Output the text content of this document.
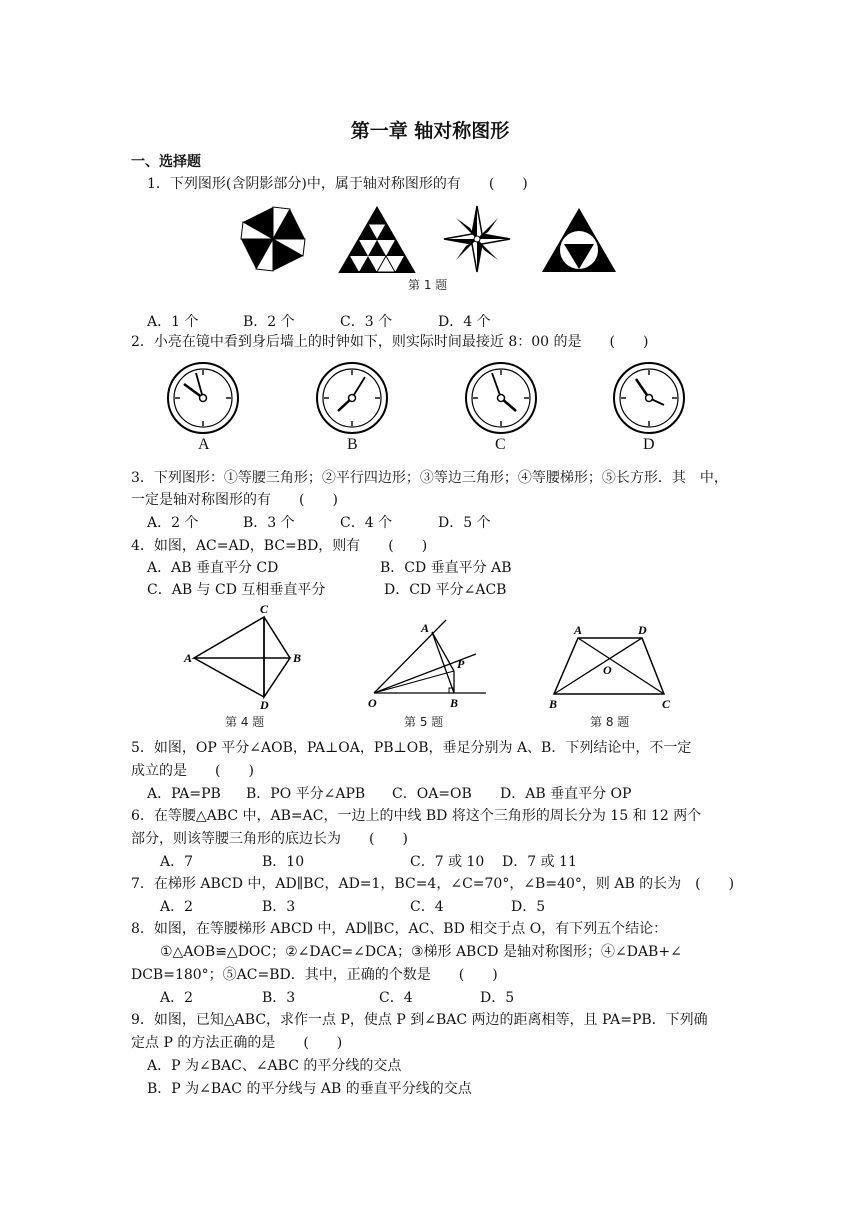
第一章 轴对称图形
一、选择题
1．下列图形(含阴影部分)中，属于轴对称图形的有　　(　　)
第 1 题
A．1 个	B．2 个	C．3 个	D．4 个
2．小亮在镜中看到身后墙上的时钟如下，则实际时间最接近 8：00 的是　　(　　)
A	B	C	D
3．下列图形：①等腰三角形；②平行四边形；③等边三角形；④等腰梯形；⑤长方形．其　中，
一定是轴对称图形的有　　(　　)
A．2 个	B．3 个	C．4 个	D．5 个
4．如图，AC=AD，BC=BD，则有　　(　　)
A．AB 垂直平分 CD	B．CD 垂直平分 AB
C．AB 与 CD 互相垂直平分	D．CD 平分∠ACB
C
A	B
D
A
P
O	B
A	D
O
B	C
第 4 题	第 5 题	第 8 题
5．如图，OP 平分∠AOB，PA⊥OA，PB⊥OB，垂足分别为 A、B．下列结论中，不一定
成立的是　　(　　)
A．PA=PB B．PO 平分∠APB C．OA=OB D．AB 垂直平分 OP
6．在等腰△ABC 中，AB=AC，一边上的中线 BD 将这个三角形的周长分为 15 和 12 两个
部分，则该等腰三角形的底边长为　　(　　)
A．7	B．10	C．7 或 10 D．7 或 11
7．在梯形 ABCD 中，AD∥BC，AD=1，BC=4，∠C=70°，∠B=40°，则 AB 的长为　(　　)
A．2	B．3	C．4	D．5
8．如图，在等腰梯形 ABCD 中，AD∥BC，AC、BD 相交于点 O，有下列五个结论：
①△AOB≌△DOC；②∠DAC=∠DCA；③梯形 ABCD 是轴对称图形；④∠DAB+∠
DCB=180°；⑤AC=BD．其中，正确的个数是　　(　　)
A．2	B．3	C．4	D．5
9．如图，已知△ABC，求作一点 P，使点 P 到∠BAC 两边的距离相等，且 PA=PB．下列确
定点 P 的方法正确的是　　(　　)
A．P 为∠BAC、∠ABC 的平分线的交点
B．P 为∠BAC 的平分线与 AB 的垂直平分线的交点
